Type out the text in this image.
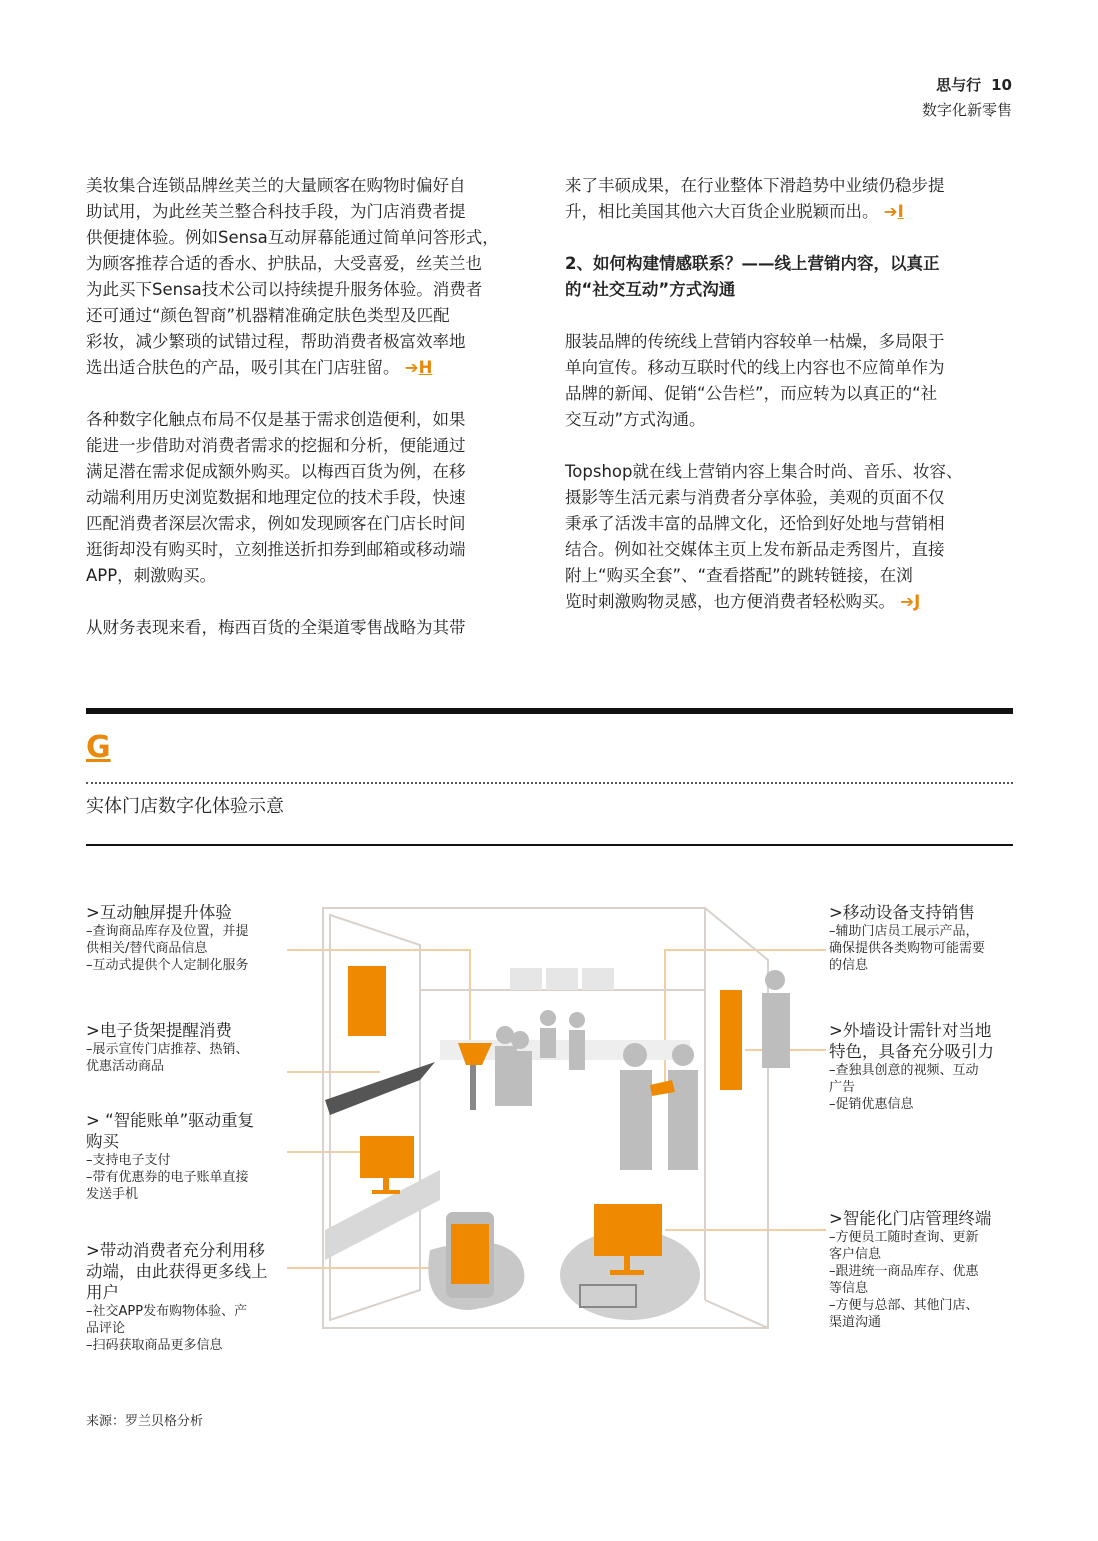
思与行 10
数字化新零售
美妆集合连锁品牌丝芙兰的大量顾客在购物时偏好自
助试用，为此丝芙兰整合科技手段，为门店消费者提
供便捷体验。例如Sensa互动屏幕能通过简单问答形式，
为顾客推荐合适的香水、护肤品，大受喜爱，丝芙兰也
为此买下Sensa技术公司以持续提升服务体验。消费者
还可通过“颜色智商”机器精准确定肤色类型及匹配
彩妆，减少繁琐的试错过程，帮助消费者极富效率地
选出适合肤色的产品，吸引其在门店驻留。 ➔H
各种数字化触点布局不仅是基于需求创造便利，如果
能进一步借助对消费者需求的挖掘和分析，便能通过
满足潜在需求促成额外购买。以梅西百货为例，在移
动端利用历史浏览数据和地理定位的技术手段，快速
匹配消费者深层次需求，例如发现顾客在门店长时间
逛街却没有购买时，立刻推送折扣券到邮箱或移动端
APP，刺激购买。
从财务表现来看，梅西百货的全渠道零售战略为其带
来了丰硕成果，在行业整体下滑趋势中业绩仍稳步提
升，相比美国其他六大百货企业脱颖而出。 ➔I
2、如何构建情感联系？——线上营销内容，以真正
的“社交互动”方式沟通
服装品牌的传统线上营销内容较单一枯燥，多局限于
单向宣传。移动互联时代的线上内容也不应简单作为
品牌的新闻、促销“公告栏”，而应转为以真正的“社
交互动”方式沟通。
Topshop就在线上营销内容上集合时尚、音乐、妆容、
摄影等生活元素与消费者分享体验，美观的页面不仅
秉承了活泼丰富的品牌文化，还恰到好处地与营销相
结合。例如社交媒体主页上发布新品走秀图片，直接
附上“购买全套”、“查看搭配”的跳转链接，在浏
览时刺激购物灵感，也方便消费者轻松购买。 ➔J
G
实体门店数字化体验示意
>互动触屏提升体验
–查询商品库存及位置，并提
供相关/替代商品信息
–互动式提供个人定制化服务
>电子货架提醒消费
–展示宣传门店推荐、热销、
优惠活动商品
> “智能账单”驱动重复
购买
–支持电子支付
–带有优惠券的电子账单直接
发送手机
>带动消费者充分利用移
动端，由此获得更多线上
用户
–社交APP发布购物体验、产
品评论
–扫码获取商品更多信息
>移动设备支持销售
–辅助门店员工展示产品，
确保提供各类购物可能需要
的信息
>外墙设计需针对当地
特色，具备充分吸引力
–查独具创意的视频、互动
广告
–促销优惠信息
>智能化门店管理终端
–方便员工随时查询、更新
客户信息
–跟进统一商品库存、优惠
等信息
–方便与总部、其他门店、
渠道沟通
来源：罗兰贝格分析
